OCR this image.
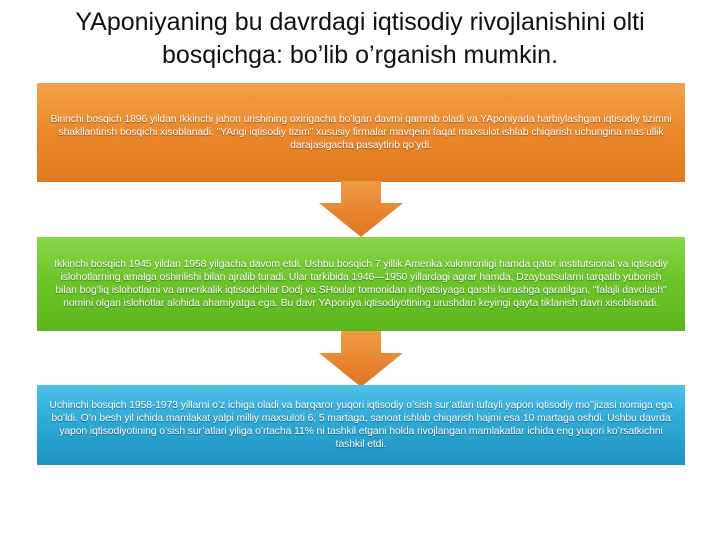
YAponiyaning bu davrdagi iqtisodiy rivojlanishini olti bosqichga: bo’lib o’rganish mumkin.
Birinchi bosqich 1896 yildan Ikkinchi jahon urishining oxirigacha bo’lgan davrni qamrab oladi va YAponiyada harbiylashgan iqtisodiy tizimni shakllantirish bosqichi xisoblanadi. "YAngi iqtisodiy tizim" xususiy firmalar mavqeini faqat maxsulot ishlab chiqarish uchungina mas’ullik darajasigacha pasaytirib qo’ydi.
Ikkinchi bosqich 1945 yildan 1958 yilgacha davom etdi. Ushbu bosqich 7 yillik Amerika xukmronligi hamda qator institutsional va iqtisodiy islohotlarning amalga oshirilishi bilan ajralib turadi. Ular tarkibida 1946—1950 yillardagi agrar hamda, Dzaybatsularni tarqatib yuborish bilan bog’liq islohotlarni va amerikalik iqtisodchilar Dodj va SHoular tomonidan inflyatsiyaga qarshi kurashga qaratilgan, "falajli davolash" nomini olgan islohotlar alohida ahamiyatga ega. Bu davr YAponiya iqtisodiyotining urushdan keyingi qayta tiklanish davri xisoblanadi.
Uchinchi bosqich 1958-1973 yillarni o’z ichiga oladi va barqaror yuqori iqtisodiy o’sish sur’atlari tufayli yapon iqtisodiy mo’’jizasi nomiga ega bo’ldi. O’n besh yil ichida mamlakat yalpi milliy maxsuloti 6, 5 martaga, sanoat ishlab chiqarish hajmi esa 10 martaga oshdi. Ushbu davrda yapon iqtisodiyotining o’sish sur’atlari yiliga o’rtacha 11% ni tashkil etgani holda rivojlangan mamlakatlar ichida eng yuqori ko’rsatkichni tashkil etdi.
